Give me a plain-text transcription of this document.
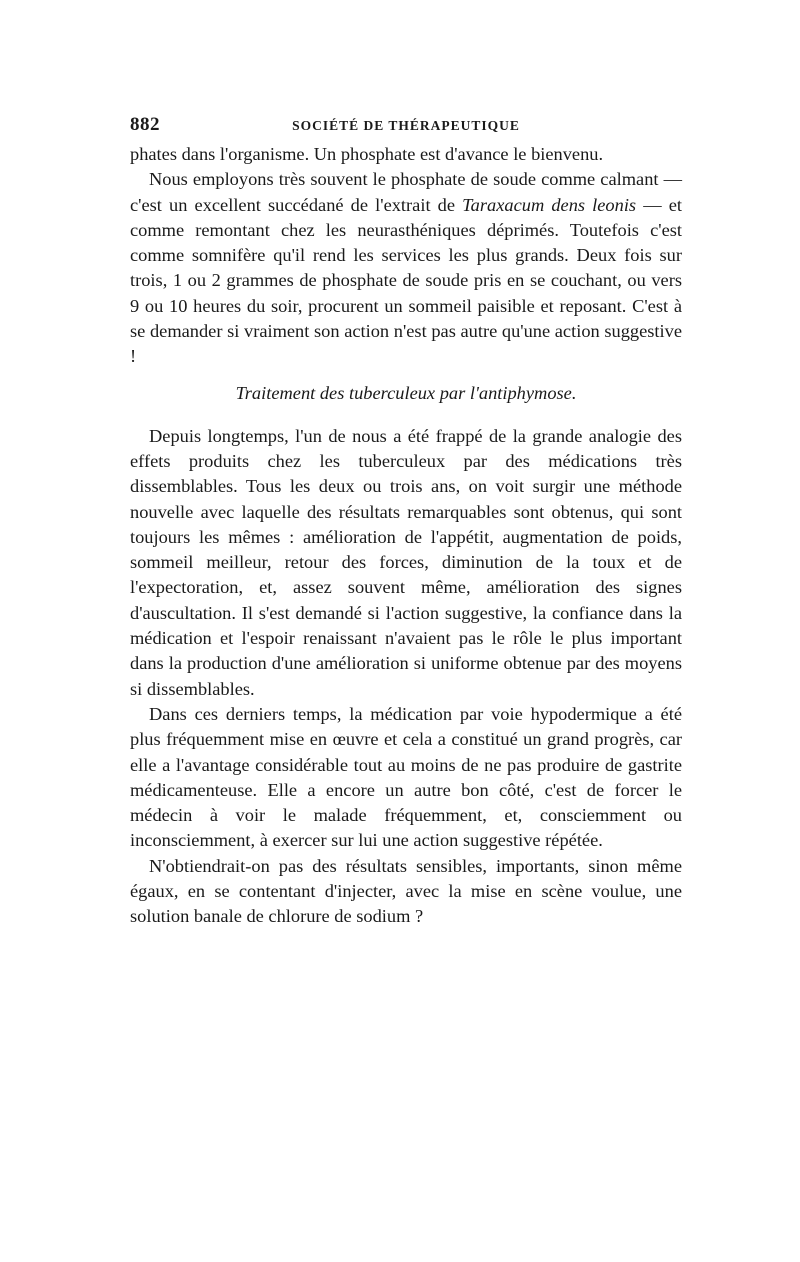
882	SOCIÉTÉ DE THÉRAPEUTIQUE

phates dans l'organisme. Un phosphate est d'avance le bienvenu.

Nous employons très souvent le phosphate de soude comme calmant — c'est un excellent succédané de l'extrait de Taraxacum dens leonis — et comme remontant chez les neurasthéniques déprimés. Toutefois c'est comme somnifère qu'il rend les services les plus grands. Deux fois sur trois, 1 ou 2 grammes de phosphate de soude pris en se couchant, ou vers 9 ou 10 heures du soir, procurent un sommeil paisible et reposant. C'est à se demander si vraiment son action n'est pas autre qu'une action suggestive !

Traitement des tuberculeux par l'antiphymose.

Depuis longtemps, l'un de nous a été frappé de la grande analogie des effets produits chez les tuberculeux par des médications très dissemblables. Tous les deux ou trois ans, on voit surgir une méthode nouvelle avec laquelle des résultats remarquables sont obtenus, qui sont toujours les mêmes : amélioration de l'appétit, augmentation de poids, sommeil meilleur, retour des forces, diminution de la toux et de l'expectoration, et, assez souvent même, amélioration des signes d'auscultation. Il s'est demandé si l'action suggestive, la confiance dans la médication et l'espoir renaissant n'avaient pas le rôle le plus important dans la production d'une amélioration si uniforme obtenue par des moyens si dissemblables.

Dans ces derniers temps, la médication par voie hypodermique a été plus fréquemment mise en œuvre et cela a constitué un grand progrès, car elle a l'avantage considérable tout au moins de ne pas produire de gastrite médicamenteuse. Elle a encore un autre bon côté, c'est de forcer le médecin à voir le malade fréquemment, et, consciemment ou inconsciemment, à exercer sur lui une action suggestive répétée.

N'obtiendrait-on pas des résultats sensibles, importants, sinon même égaux, en se contentant d'injecter, avec la mise en scène voulue, une solution banale de chlorure de sodium ?
